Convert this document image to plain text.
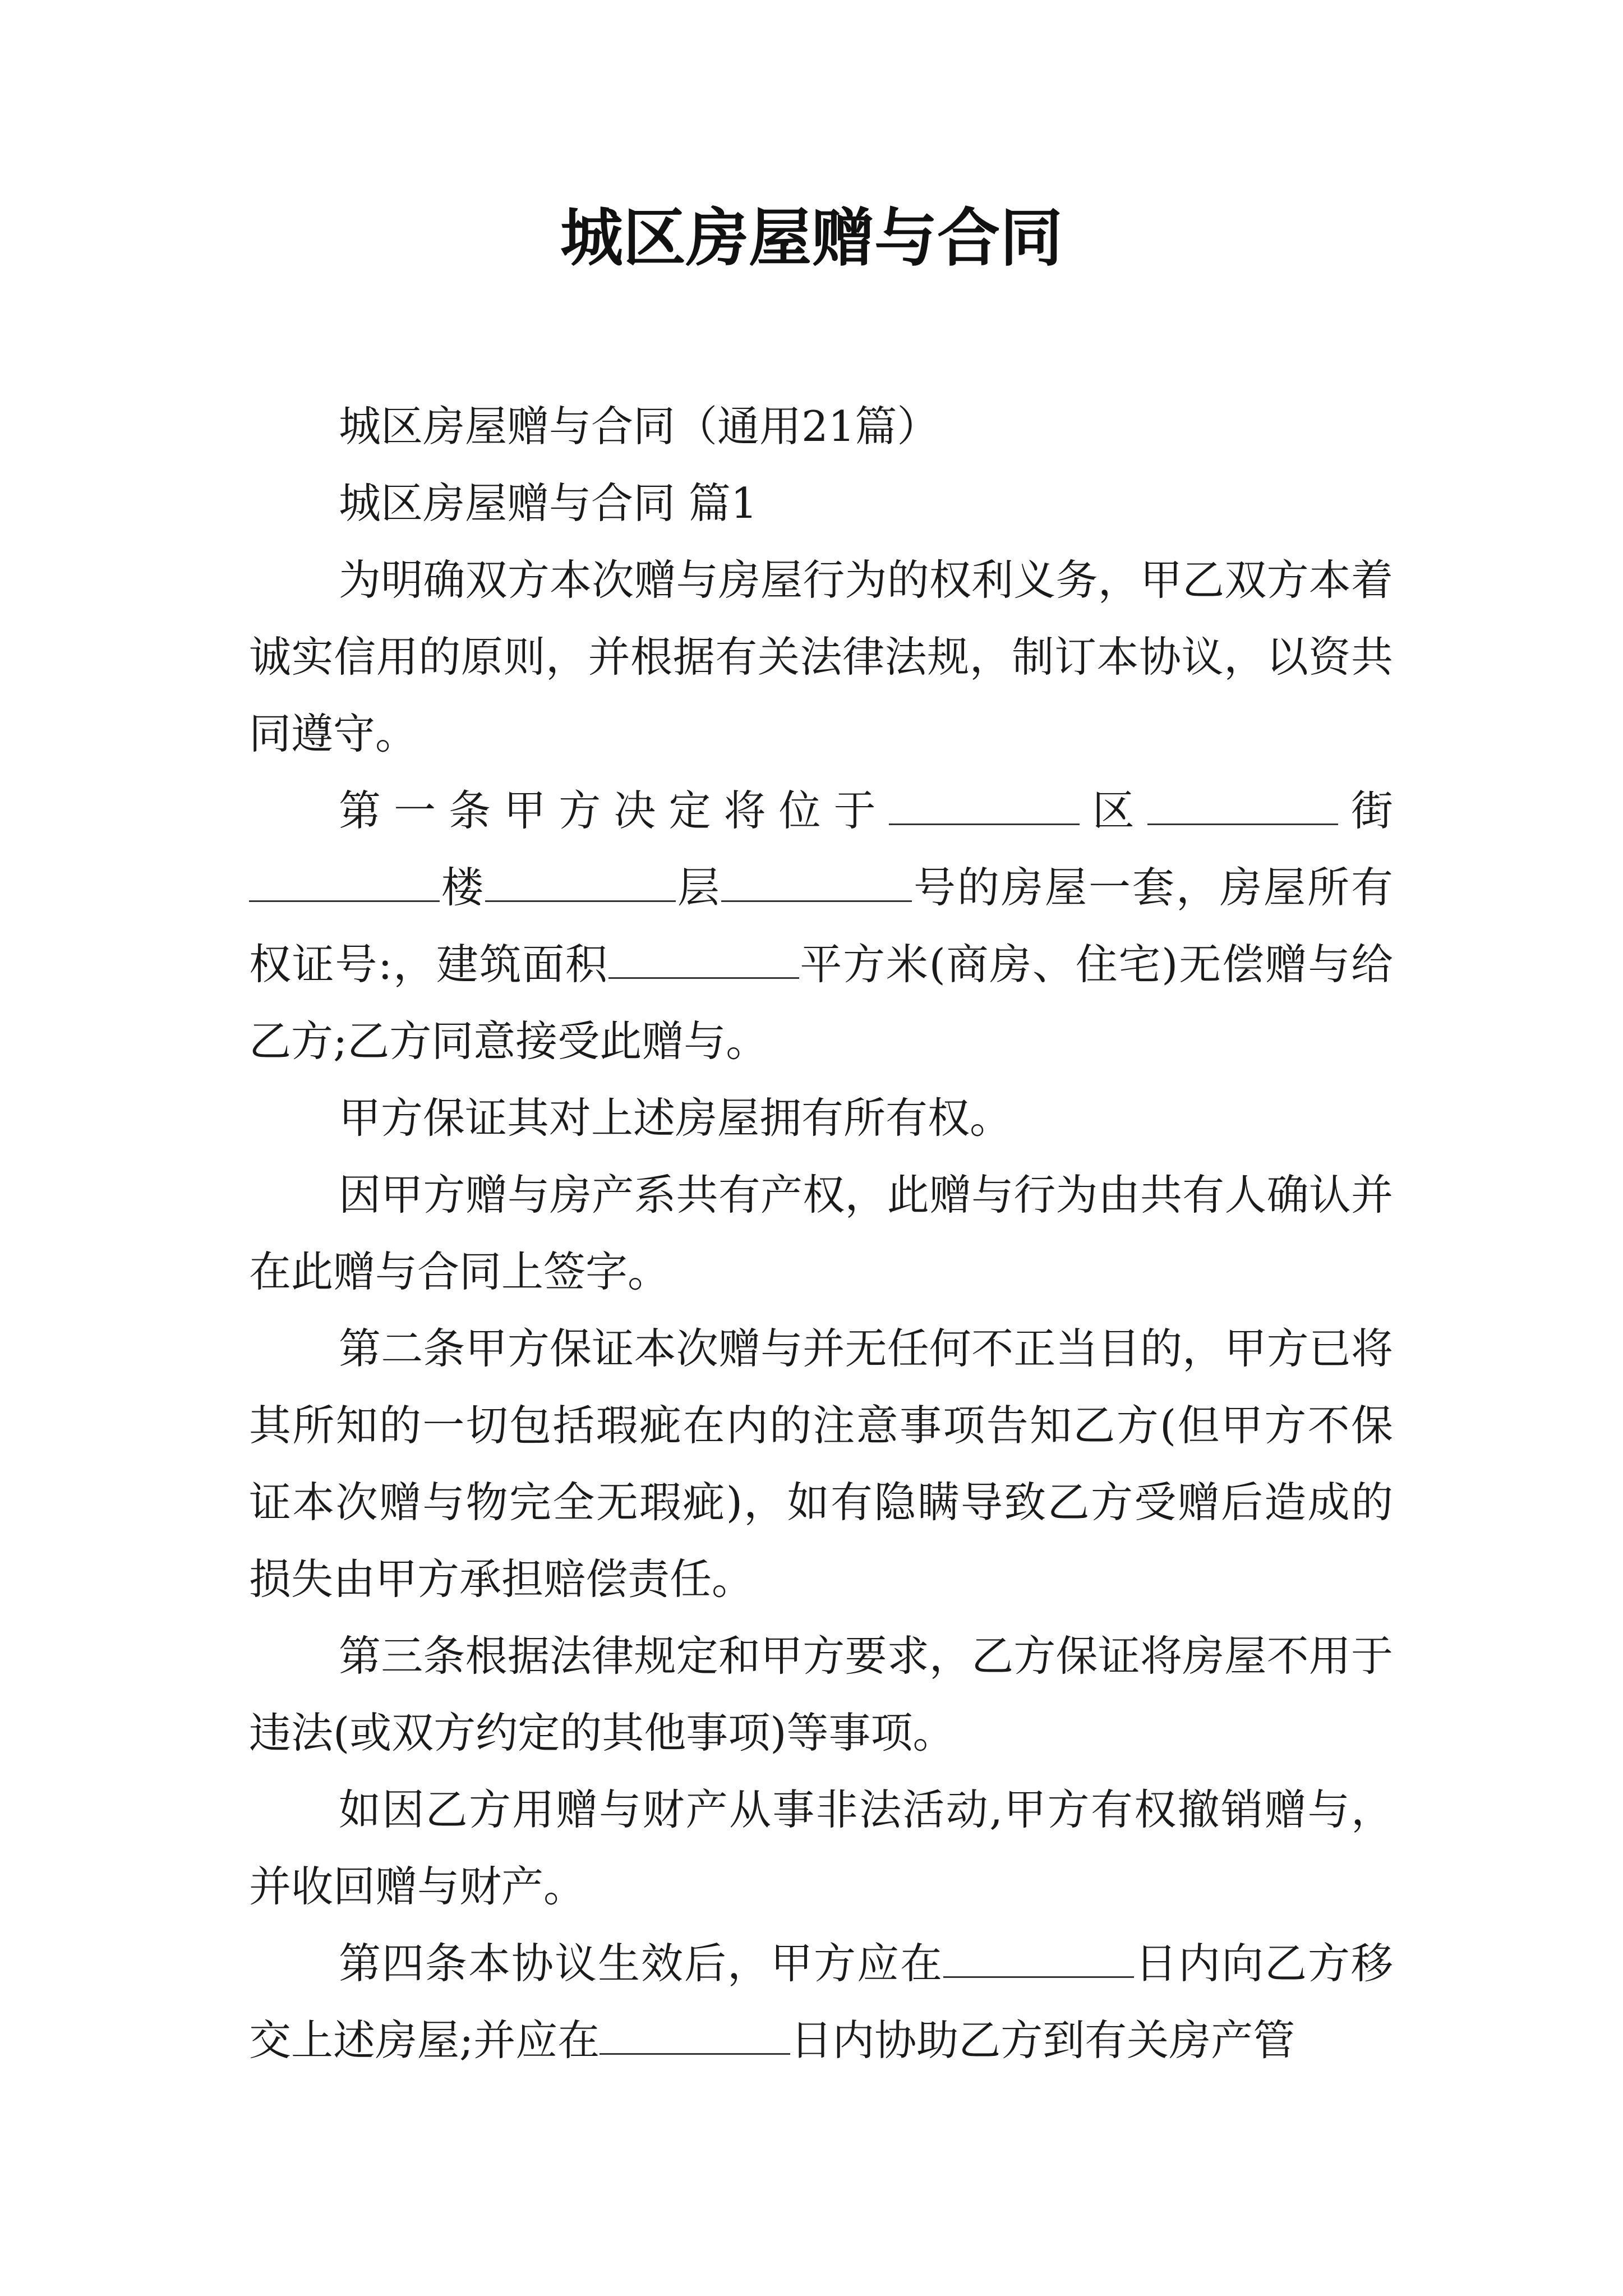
城区房屋赠与合同

城区房屋赠与合同（通用21篇）

城区房屋赠与合同 篇1

为明确双方本次赠与房屋行为的权利义务，甲乙双方本着诚实信用的原则，并根据有关法律法规，制订本协议，以资共同遵守。

第一条甲方决定将位于	区	街楼	层	号的房屋一套，房屋所有权证号:，建筑面积	平方米(商房、住宅)无偿赠与给乙方;乙方同意接受此赠与。

甲方保证其对上述房屋拥有所有权。

因甲方赠与房产系共有产权，此赠与行为由共有人确认并在此赠与合同上签字。

第二条甲方保证本次赠与并无任何不正当目的，甲方已将其所知的一切包括瑕疵在内的注意事项告知乙方(但甲方不保证本次赠与物完全无瑕疵)，如有隐瞒导致乙方受赠后造成的损失由甲方承担赔偿责任。

第三条根据法律规定和甲方要求，乙方保证将房屋不用于违法(或双方约定的其他事项)等事项。

如因乙方用赠与财产从事非法活动,甲方有权撤销赠与，并收回赠与财产。

第四条本协议生效后，甲方应在	日内向乙方移交上述房屋;并应在	日内协助乙方到有关房产管
